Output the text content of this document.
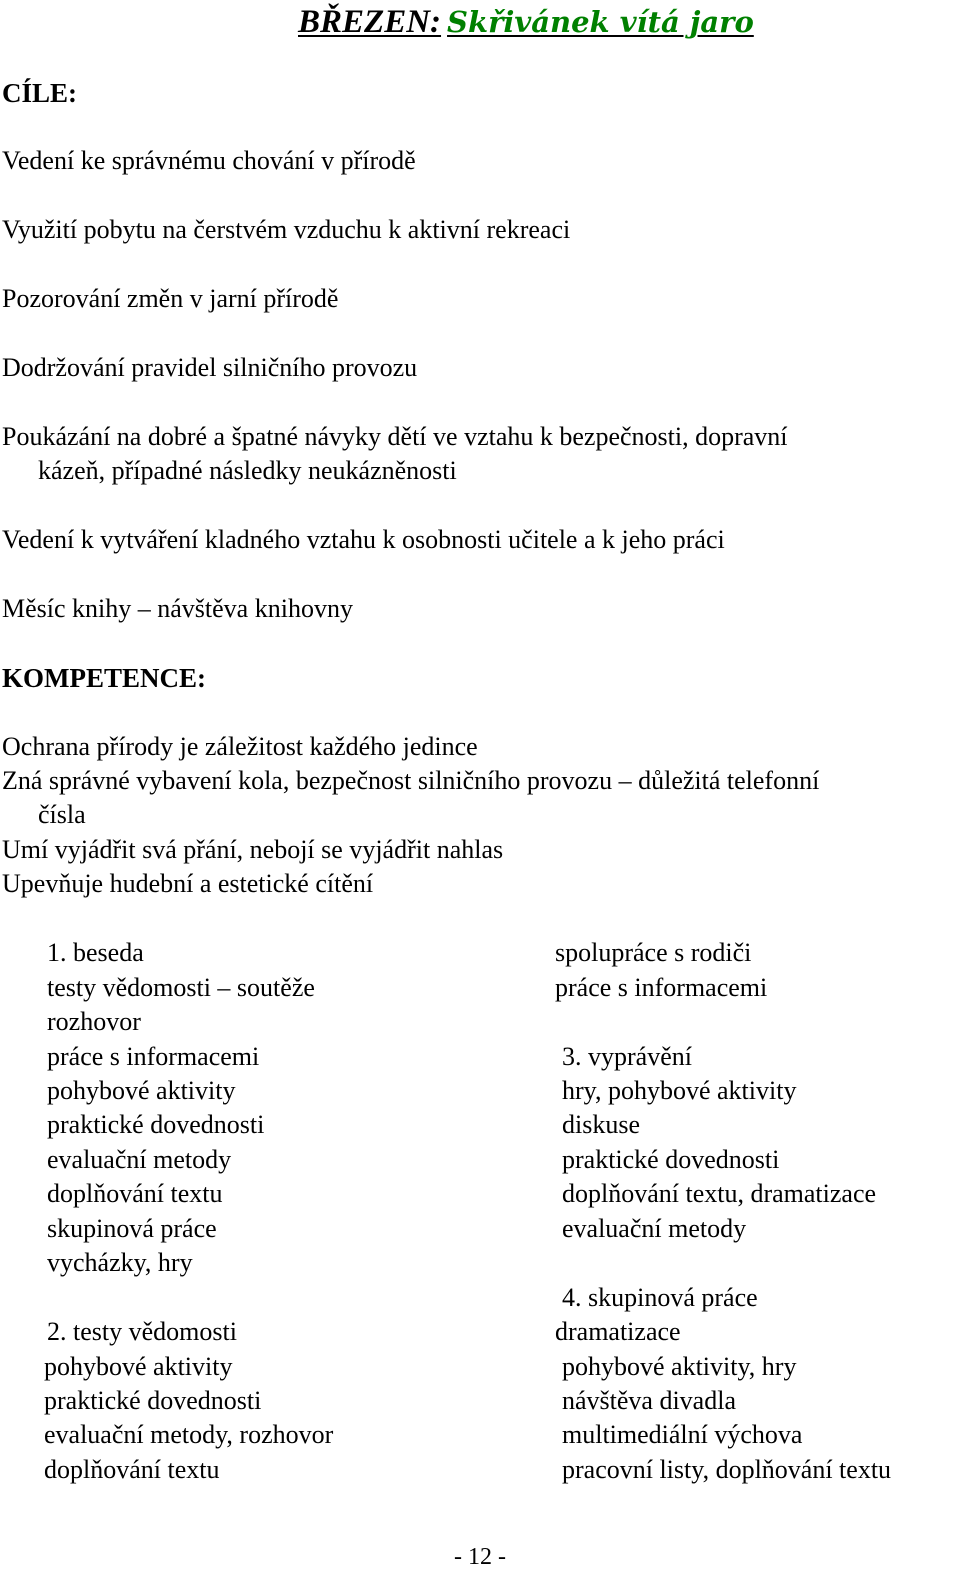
BŘEZEN: Skřivánek vítá jaro
CÍLE:
Vedení ke správnému chování v přírodě
Využití pobytu na čerstvém vzduchu k aktivní rekreaci
Pozorování změn v jarní přírodě
Dodržování pravidel silničního provozu
Poukázání na dobré a špatné návyky dětí ve vztahu k bezpečnosti, dopravní
kázeň, případné následky neukázněnosti
Vedení k vytváření kladného vztahu k osobnosti učitele a k jeho práci
Měsíc knihy – návštěva knihovny
KOMPETENCE:
Ochrana přírody je záležitost každého jedince
Zná správné vybavení kola, bezpečnost silničního provozu – důležitá telefonní
čísla
Umí vyjádřit svá přání, nebojí se vyjádřit nahlas
Upevňuje hudební a estetické cítění
1. beseda
testy vědomosti – soutěže
rozhovor
práce s informacemi
pohybové aktivity
praktické dovednosti
evaluační metody
doplňování textu
skupinová práce
vycházky, hry
2. testy vědomosti
pohybové aktivity
praktické dovednosti
evaluační metody, rozhovor
doplňování textu
spolupráce s rodiči
práce s informacemi
3. vyprávění
hry, pohybové aktivity
diskuse
praktické dovednosti
doplňování textu, dramatizace
evaluační metody
4. skupinová práce
dramatizace
pohybové aktivity, hry
návštěva divadla
multimediální výchova
pracovní listy, doplňování textu
- 12 -
